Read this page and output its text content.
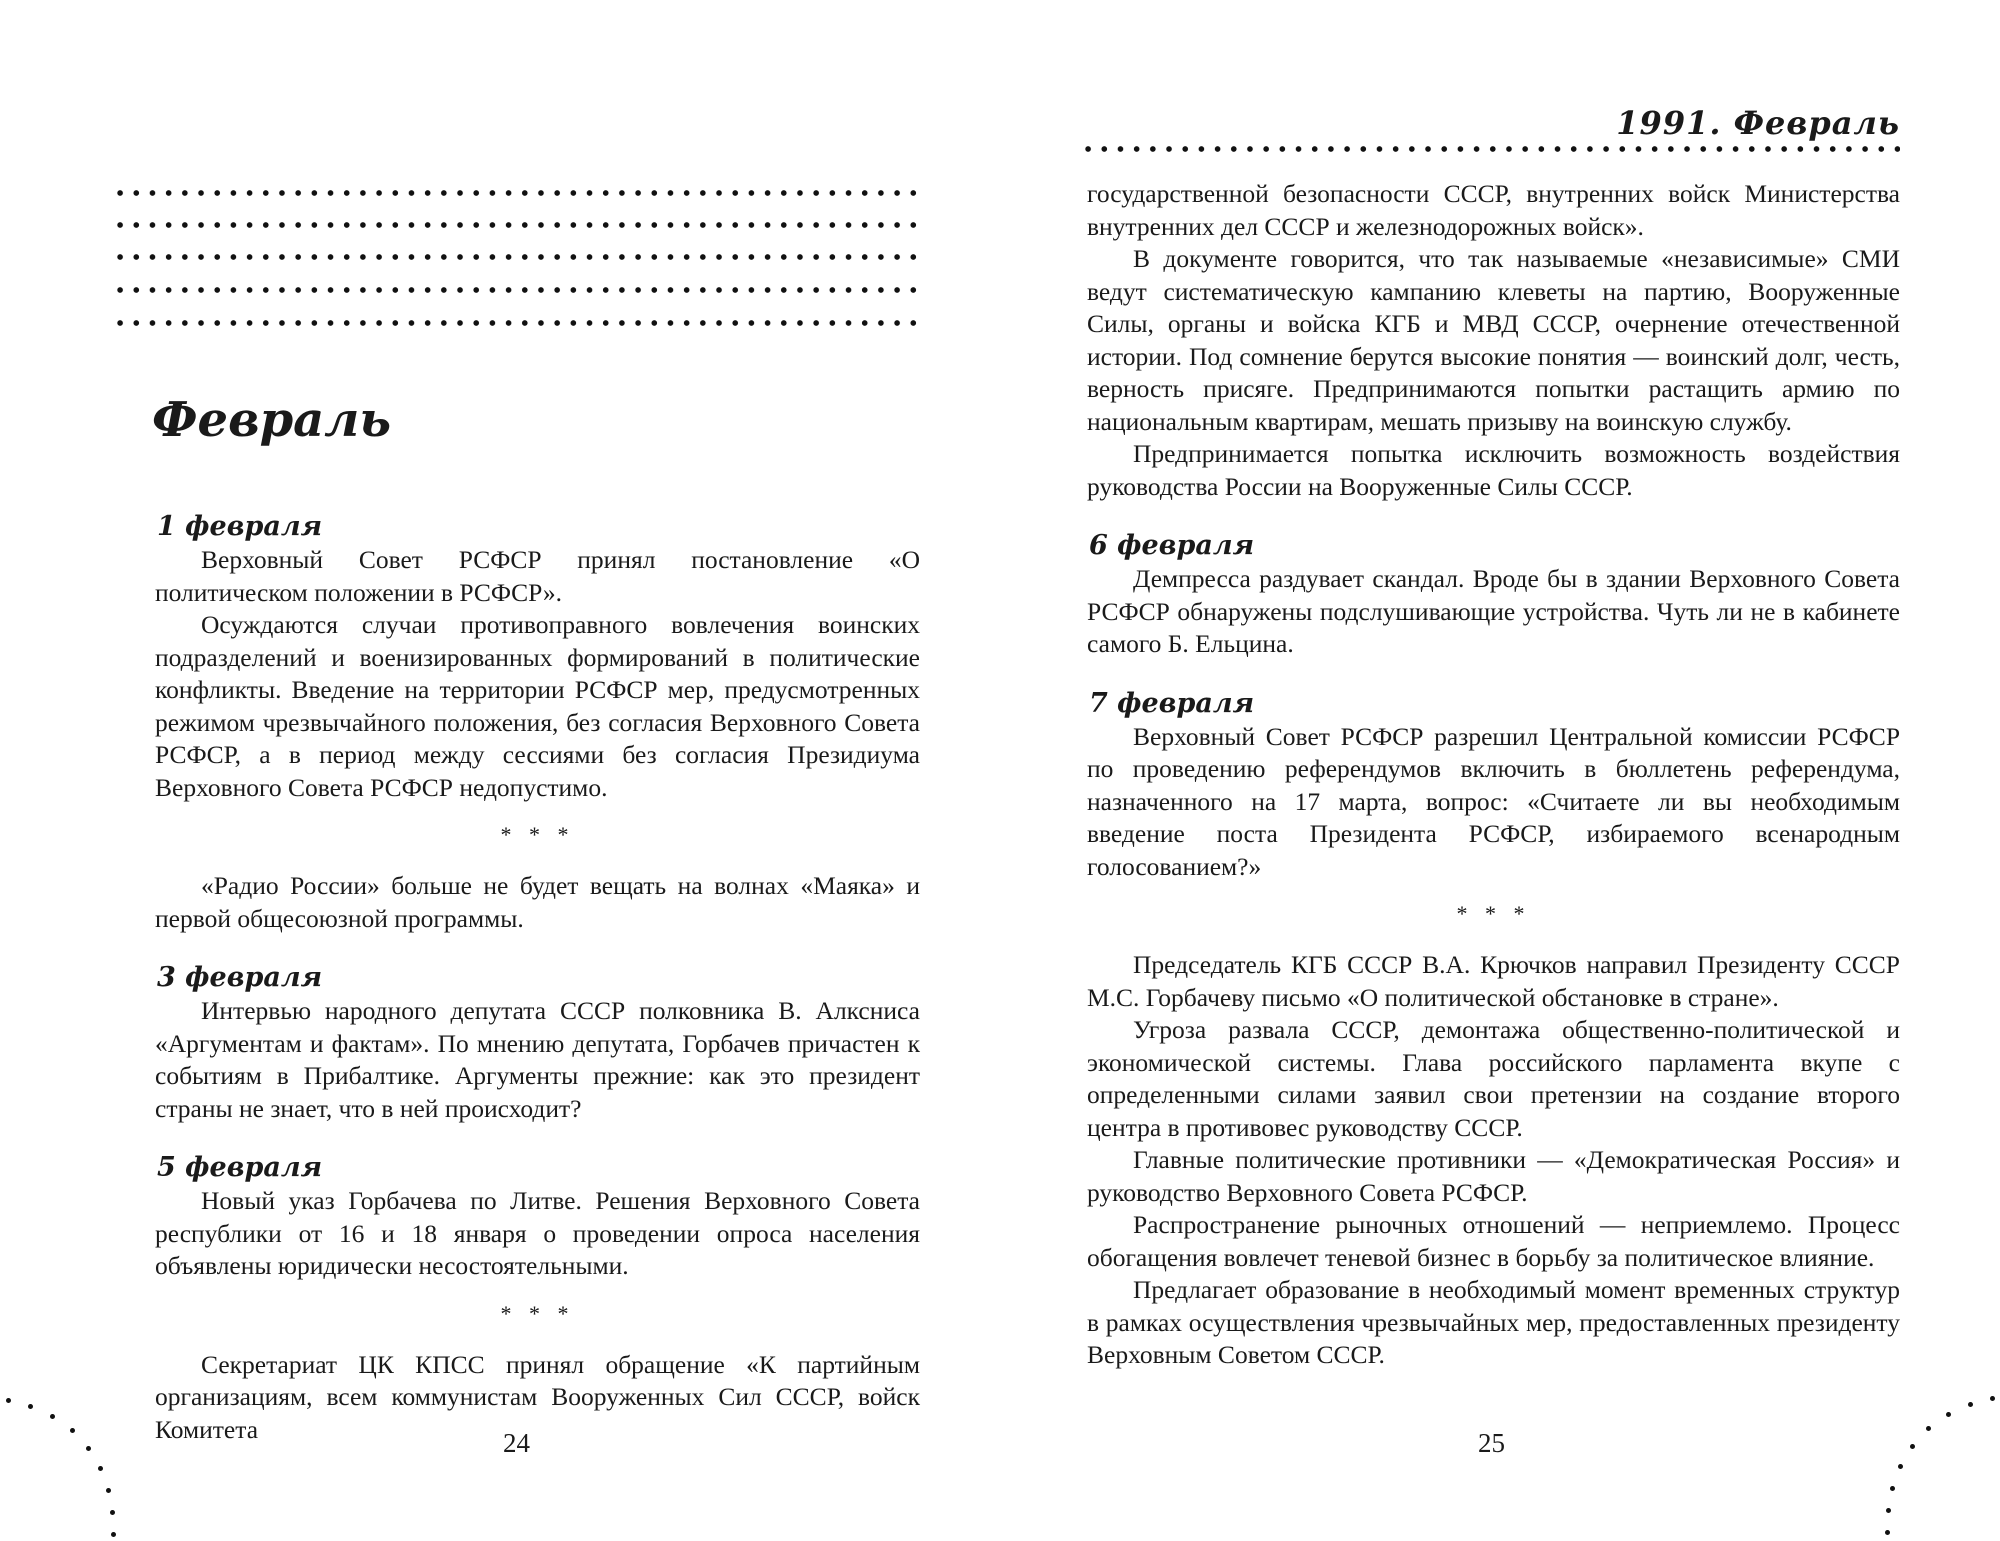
Февраль
1 февраля

Верховный Совет РСФСР принял постановление «О политическом положении в РСФСР».

Осуждаются случаи противоправного вовлечения воинских подразделений и военизированных формирований в политические конфликты. Введение на территории РСФСР мер, предусмотренных режимом чрезвычайного положения, без согласия Верховного Совета РСФСР, а в период между сессиями без согласия Президиума Верховного Совета РСФСР недопустимо.

* * *

«Радио России» больше не будет вещать на волнах «Маяка» и первой общесоюзной программы.

3 февраля

Интервью народного депутата СССР полковника В. Алксниса «Аргументам и фактам». По мнению депутата, Горбачев причастен к событиям в Прибалтике. Аргументы прежние: как это президент страны не знает, что в ней происходит?

5 февраля

Новый указ Горбачева по Литве. Решения Верховного Совета республики от 16 и 18 января о проведении опроса населения объявлены юридически несостоятельными.

* * *

Секретариат ЦК КПСС принял обращение «К партийным организациям, всем коммунистам Вооруженных Сил СССР, войск Комитета	24
1991. Февраль

государственной безопасности СССР, внутренних войск Министерства внутренних дел СССР и железнодорожных войск».

В документе говорится, что так называемые «независимые» СМИ ведут систематическую кампанию клеветы на партию, Вооруженные Силы, органы и войска КГБ и МВД СССР, очернение отечественной истории. Под сомнение берутся высокие понятия — воинский долг, честь, верность присяге. Предпринимаются попытки растащить армию по национальным квартирам, мешать призыву на воинскую службу.

Предпринимается попытка исключить возможность воздействия руководства России на Вооруженные Силы СССР.

6 февраля

Демпресса раздувает скандал. Вроде бы в здании Верховного Совета РСФСР обнаружены подслушивающие устройства. Чуть ли не в кабинете самого Б. Ельцина.

7 февраля

Верховный Совет РСФСР разрешил Центральной комиссии РСФСР по проведению референдумов включить в бюллетень референдума, назначенного на 17 марта, вопрос: «Считаете ли вы необходимым введение поста Президента РСФСР, избираемого всенародным голосованием?»

* * *

Председатель КГБ СССР В.А. Крючков направил Президенту СССР М.С. Горбачеву письмо «О политической обстановке в стране».

Угроза развала СССР, демонтажа общественно-политической и экономической системы. Глава российского парламента вкупе с определенными силами заявил свои претензии на создание второго центра в противовес руководству СССР.

Главные политические противники — «Демократическая Россия» и руководство Верховного Совета РСФСР.

Распространение рыночных отношений — неприемлемо. Процесс обогащения вовлечет теневой бизнес в борьбу за политическое влияние.

Предлагает образование в необходимый момент временных структур в рамках осуществления чрезвычайных мер, предоставленных президенту Верховным Советом СССР.

25
